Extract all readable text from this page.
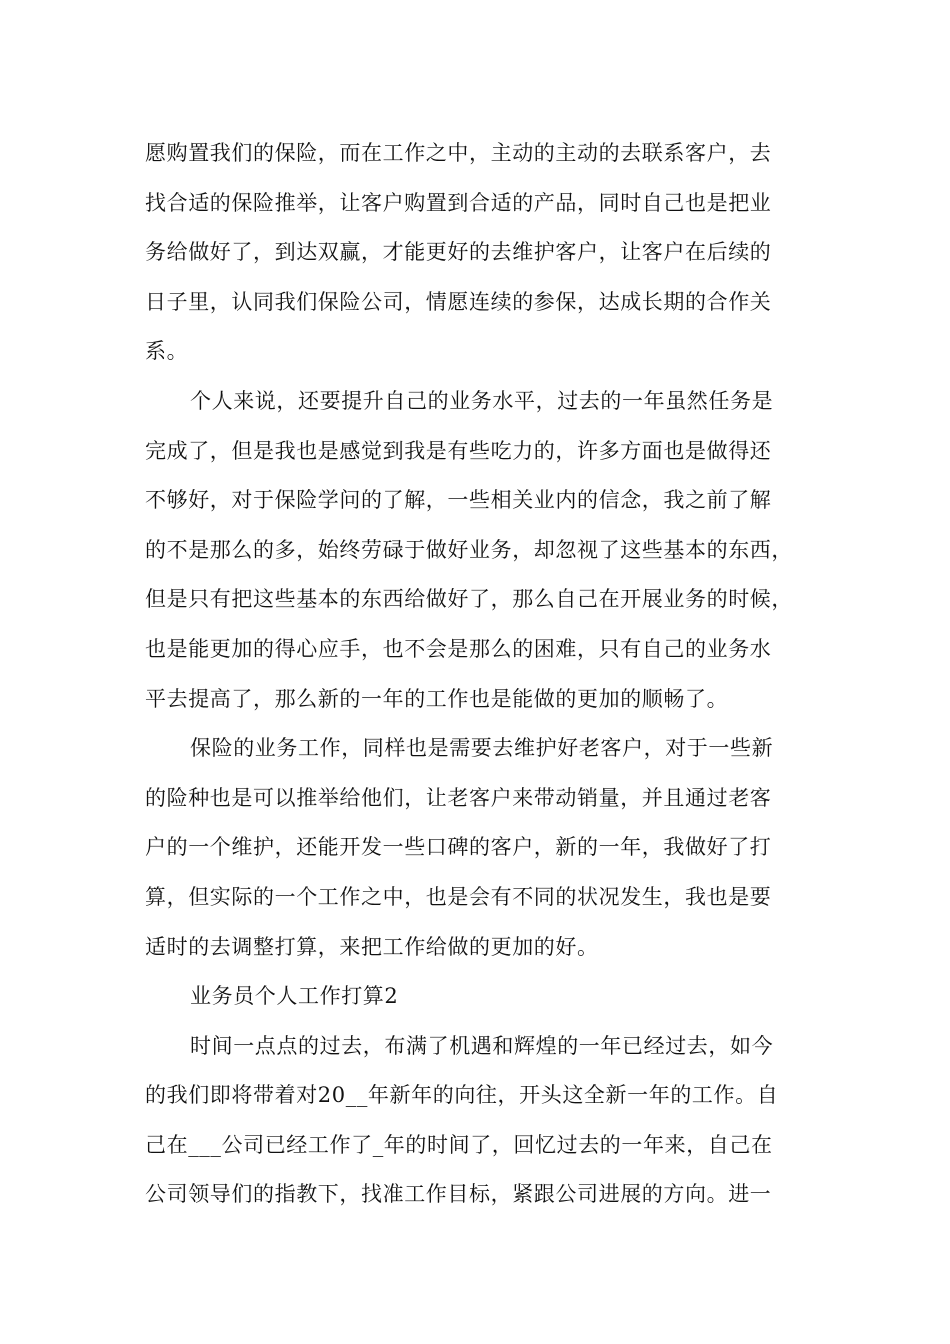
愿购置我们的保险，而在工作之中，主动的主动的去联系客户，去
找合适的保险推举，让客户购置到合适的产品，同时自己也是把业
务给做好了，到达双赢，才能更好的去维护客户，让客户在后续的
日子里，认同我们保险公司，情愿连续的参保，达成长期的合作关
系。
个人来说，还要提升自己的业务水平，过去的一年虽然任务是
完成了，但是我也是感觉到我是有些吃力的，许多方面也是做得还
不够好，对于保险学问的了解，一些相关业内的信念，我之前了解
的不是那么的多，始终劳碌于做好业务，却忽视了这些基本的东西，
但是只有把这些基本的东西给做好了，那么自己在开展业务的时候，
也是能更加的得心应手，也不会是那么的困难，只有自己的业务水
平去提高了，那么新的一年的工作也是能做的更加的顺畅了。
保险的业务工作，同样也是需要去维护好老客户，对于一些新
的险种也是可以推举给他们，让老客户来带动销量，并且通过老客
户的一个维护，还能开发一些口碑的客户，新的一年，我做好了打
算，但实际的一个工作之中，也是会有不同的状况发生，我也是要
适时的去调整打算，来把工作给做的更加的好。
业务员个人工作打算2
时间一点点的过去，布满了机遇和辉煌的一年已经过去，如今
的我们即将带着对20__年新年的向往，开头这全新一年的工作。自
己在___公司已经工作了_年的时间了，回忆过去的一年来，自己在
公司领导们的指教下，找准工作目标，紧跟公司进展的方向。进一
